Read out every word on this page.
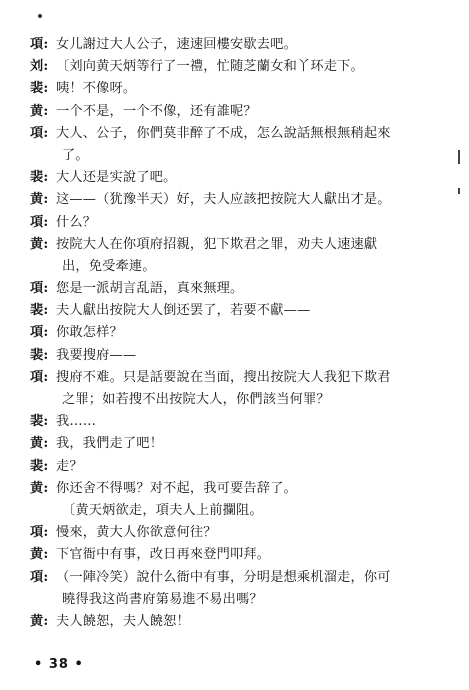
項: 女儿謝过大人公子，速速回樓安歇去吧。
刘: 〔刘向黄天炳等行了一禮，忙随芝蘭女和丫环走下。
裴: 咦！不像呀。
黄: 一个不是，一个不像，还有誰呢？
項: 大人、公子，你們莫非醉了不成，怎么說話無根無稍起來
了。
裴: 大人还是实說了吧。
黄: 这——（犹豫半天）好，夫人应該把按院大人獻出才是。
項: 什么？
黄: 按院大人在你項府招親，犯下欺君之罪，劝夫人速速獻
出，免受牽連。
項: 您是一派胡言乱語，真來無理。
裴: 夫人獻出按院大人倒还罢了，若要不獻——
項: 你敢怎样？
裴: 我要搜府——
項: 搜府不难。只是話要說在当面，搜出按院大人我犯下欺君
之罪；如若搜不出按院大人，你們該当何罪？
裴: 我……
黄: 我，我們走了吧！
裴: 走？
黄: 你还舍不得嗎？对不起，我可要告辞了。
〔黄天炳欲走，項夫人上前攔阻。
項: 慢來，黄大人你欲意何往？
黄: 下官衙中有事，改日再來登門叩拜。
項: （一陣冷笑）說什么衙中有事，分明是想乘机溜走，你可
曉得我这尚書府第易進不易出嗎？
黄: 夫人饒恕，夫人饒恕！
• 38 •
